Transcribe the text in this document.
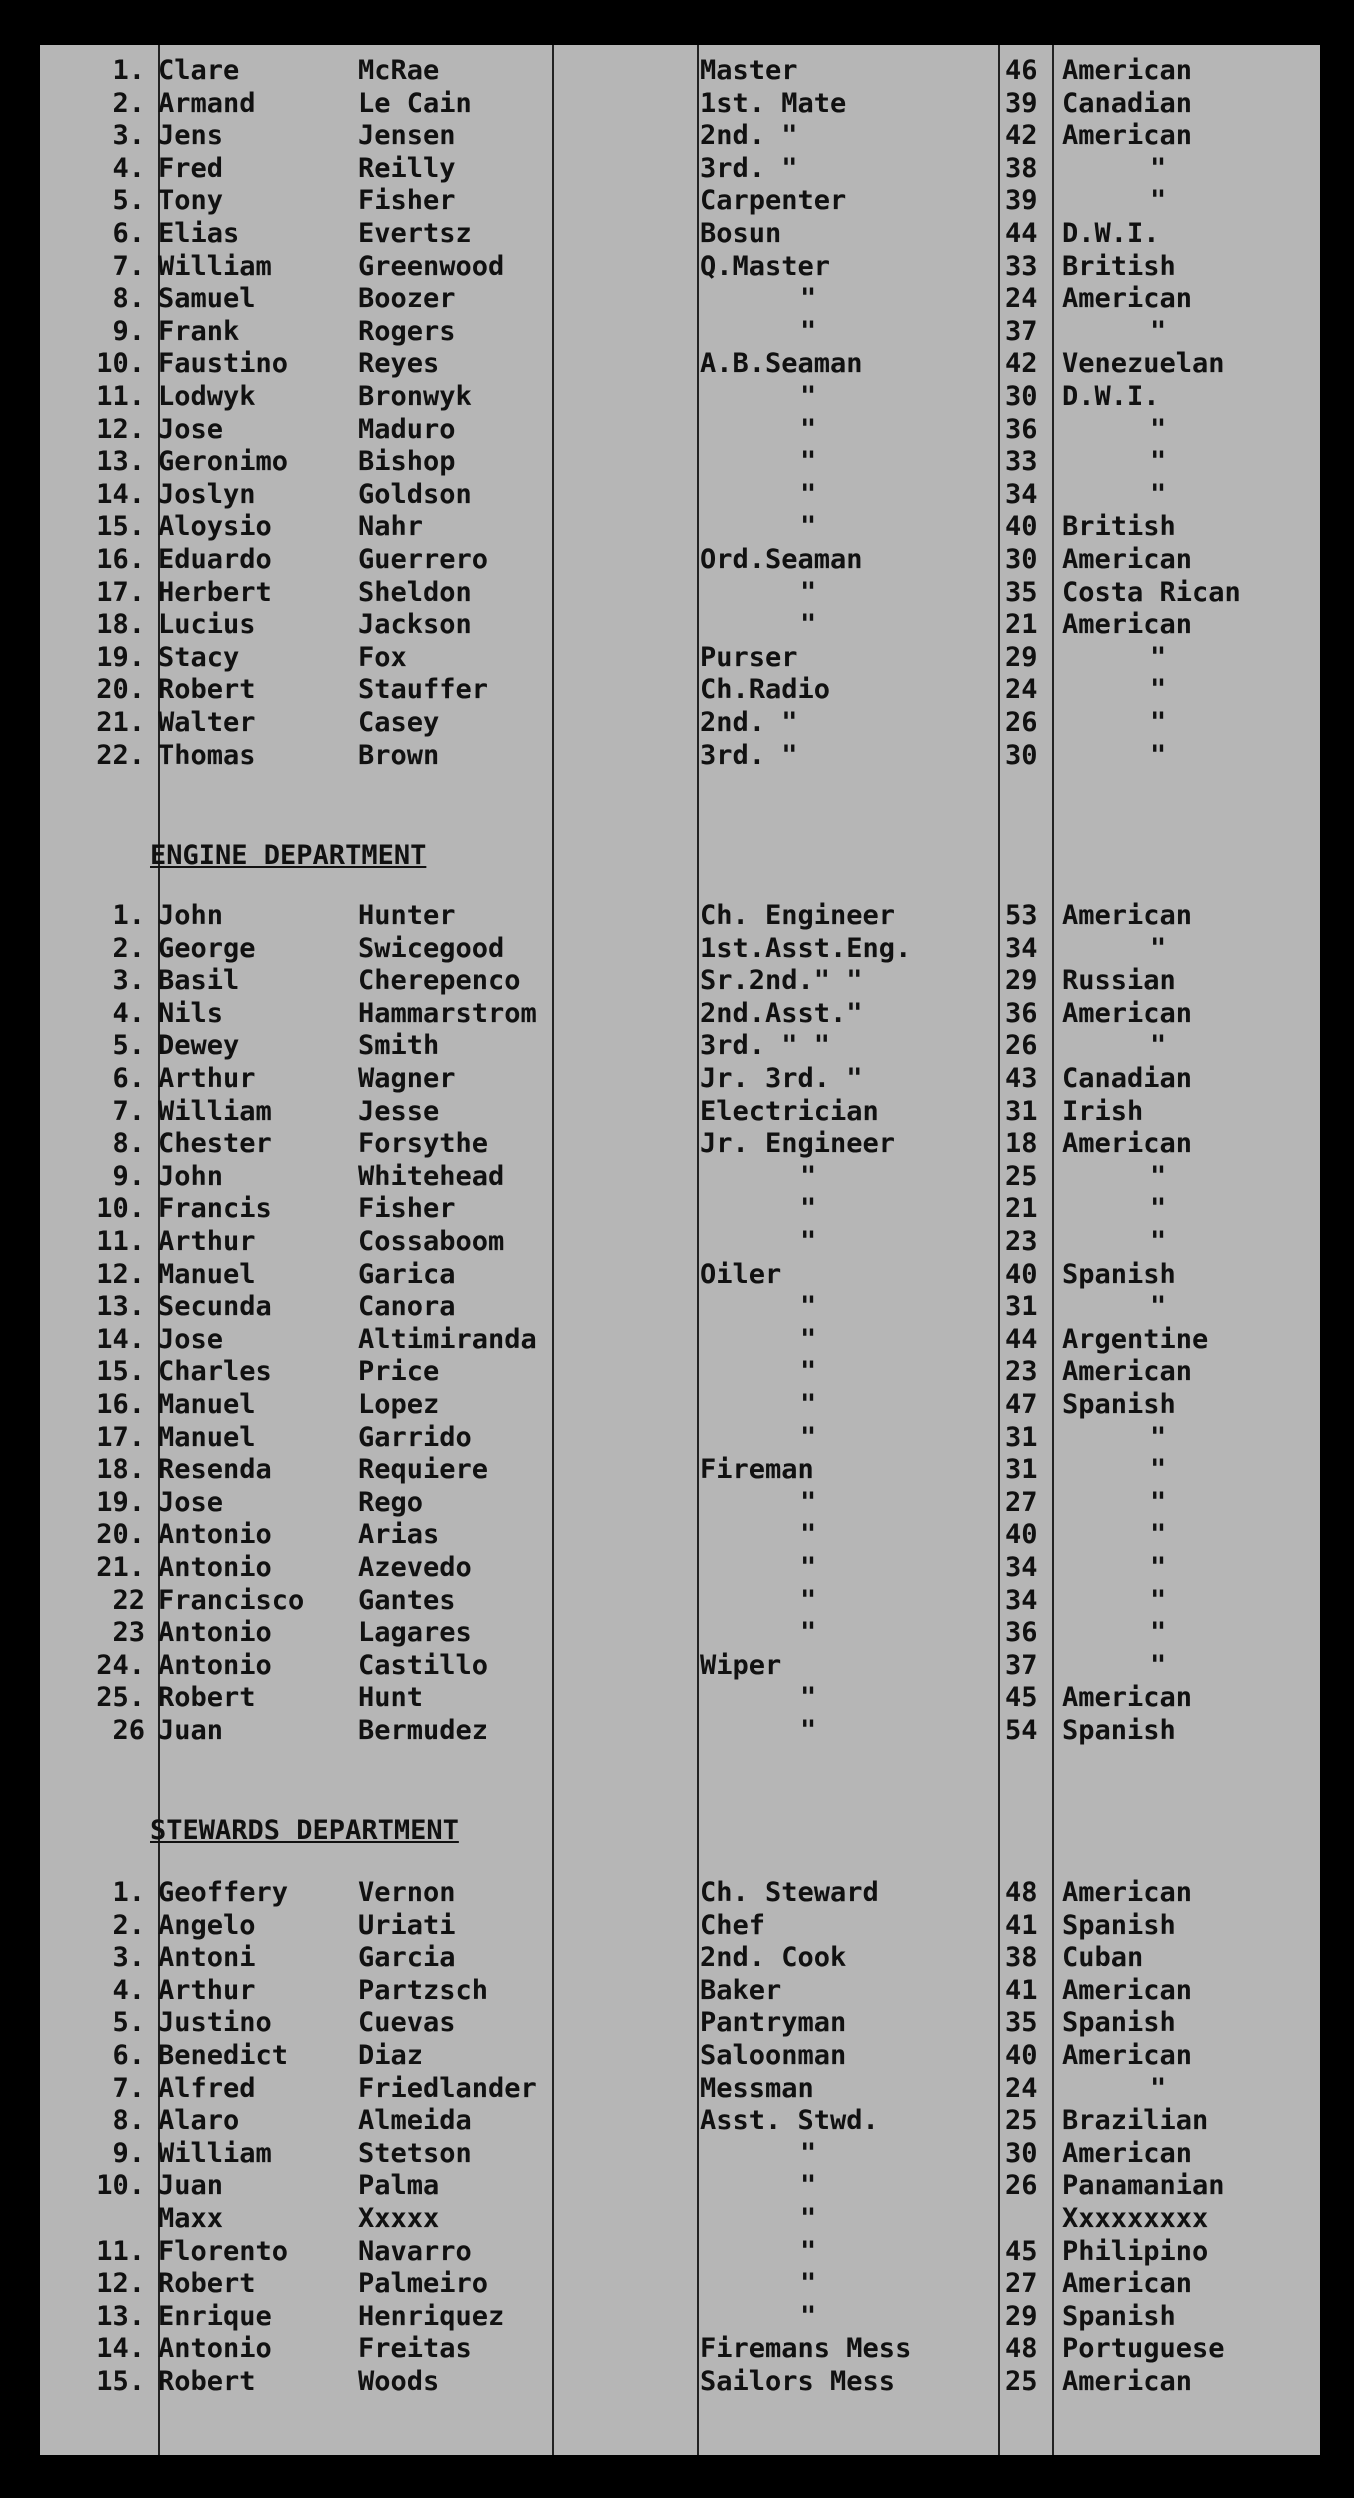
1. Clare	McRae	Master	46 American
2. Armand	Le Cain	1st. Mate	39 Canadian
3. Jens	Jensen	2nd. "	42 American
4. Fred	Reilly	3rd. "	38	"
5. Tony	Fisher	Carpenter	39	"
6. Elias	Evertsz	Bosun	44 D.W.I.
7. William	Greenwood	Q.Master	33 British
8. Samuel	Boozer	"	24 American
9. Frank	Rogers	"	37	"
10. Faustino	Reyes	A.B.Seaman	42 Venezuelan
11. Lodwyk	Bronwyk	"	30 D.W.I.
12. Jose	Maduro	"	36	"
13. Geronimo	Bishop	"	33	"
14. Joslyn	Goldson	"	34	"
15. Aloysio	Nahr	"	40 British
16. Eduardo	Guerrero	Ord.Seaman	30 American
17. Herbert	Sheldon	"	35 Costa Rican
18. Lucius	Jackson	"	21 American
19. Stacy	Fox	Purser	29	"
20. Robert	Stauffer	Ch.Radio	24	"
21. Walter	Casey	2nd. "	26	"
22. Thomas	Brown	3rd. "	30	"
ENGINE DEPARTMENT
1. John	Hunter	Ch. Engineer	53 American
2. George	Swicegood	1st.Asst.Eng.	34	"
3. Basil	Cherepenco	Sr.2nd." "	29 Russian
4. Nils	Hammarstrom	2nd.Asst."	36 American
5. Dewey	Smith	3rd. " "	26	"
6. Arthur	Wagner	Jr. 3rd. "	43 Canadian
7. William	Jesse	Electrician	31 Irish
8. Chester	Forsythe	Jr. Engineer	18 American
9. John	Whitehead	"	25	"
10. Francis	Fisher	"	21	"
11. Arthur	Cossaboom	"	23	"
12. Manuel	Garica	Oiler	40 Spanish
13. Secunda	Canora	"	31	"
14. Jose	Altimiranda	"	44 Argentine
15. Charles	Price	"	23 American
16. Manuel	Lopez	"	47 Spanish
17. Manuel	Garrido	"	31	"
18. Resenda	Requiere	Fireman	31	"
19. Jose	Rego	"	27	"
20. Antonio	Arias	"	40	"
21. Antonio	Azevedo	"	34	"
22 Francisco Gantes	"	34	"
23 Antonio	Lagares	"	36	"
24. Antonio	Castillo	Wiper	37	"
25. Robert	Hunt	"	45 American
26 Juan	Bermudez	"	54 Spanish
STEWARDS DEPARTMENT
1. Geoffery	Vernon	Ch. Steward	48 American
2. Angelo	Uriati	Chef	41 Spanish
3. Antoni	Garcia	2nd. Cook	38 Cuban
4. Arthur	Partzsch	Baker	41 American
5. Justino	Cuevas	Pantryman	35 Spanish
6. Benedict	Diaz	Saloonman	40 American
7. Alfred	Friedlander	Messman	24	"
8. Alaro	Almeida	Asst. Stwd.	25 Brazilian
9. William	Stetson	"	30 American
10. Juan	Palma	"	26 Panamanian
Maxx	Xxxxx	"	Xxxxxxxxx
11. Florento	Navarro	"	45 Philipino
12. Robert	Palmeiro	"	27 American
13. Enrique	Henriquez	"	29 Spanish
14. Antonio	Freitas	Firemans Mess	48 Portuguese
15. Robert	Woods	Sailors Mess	25 American
